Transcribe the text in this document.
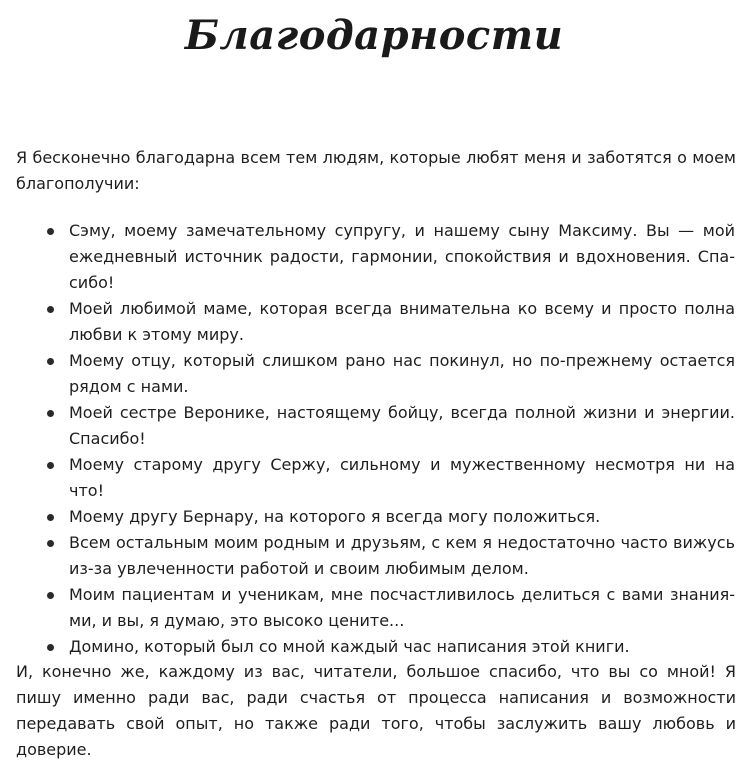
Благодарности

Я бесконечно благодарна всем тем людям, которые любят меня и заботятся о моем благополучии:

Сэму, моему замечательному супругу, и нашему сыну Максиму. Вы — мой ежедневный источник радости, гармонии, спокойствия и вдохновения. Спасибо!
Моей любимой маме, которая всегда внимательна ко всему и просто полна любви к этому миру.
Моему отцу, который слишком рано нас покинул, но по-прежнему остается рядом с нами.
Моей сестре Веронике, настоящему бойцу, всегда полной жизни и энергии. Спасибо!
Моему старому другу Сержу, сильному и мужественному несмотря ни на что!
Моему другу Бернару, на которого я всегда могу положиться.
Всем остальным моим родным и друзьям, с кем я недостаточно часто вижусь из-за увлеченности работой и своим любимым делом.
Моим пациентам и ученикам, мне посчастливилось делиться с вами знаниями, и вы, я думаю, это высоко цените...
Домино, который был со мной каждый час написания этой книги.

И, конечно же, каждому из вас, читатели, большое спасибо, что вы со мной! Я пишу именно ради вас, ради счастья от процесса написания и возможности передавать свой опыт, но также ради того, чтобы заслужить вашу любовь и доверие.
